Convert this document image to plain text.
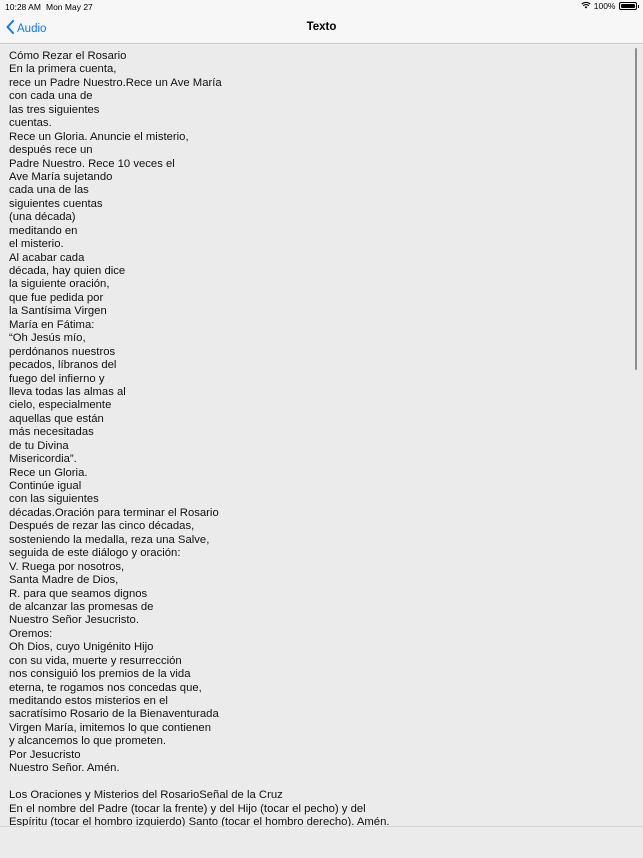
10:28 AM Mon May 27	100%
Audio	Texto
Cómo Rezar el Rosario
En la primera cuenta,
rece un Padre Nuestro.Rece un Ave María
con cada una de
las tres siguientes
cuentas.
Rece un Gloria. Anuncie el misterio,
después rece un
Padre Nuestro. Rece 10 veces el
Ave María sujetando
cada una de las
siguientes cuentas
(una década)
meditando en
el misterio.
Al acabar cada
década, hay quien dice
la siguiente oración,
que fue pedida por
la Santísima Virgen
María en Fátima:
“Oh Jesús mío,
perdónanos nuestros
pecados, líbranos del
fuego del infierno y
lleva todas las almas al
cielo, especialmente
aquellas que están
más necesitadas
de tu Divina
Misericordia”.
Rece un Gloria.
Continúe igual
con las siguientes
décadas.Oración para terminar el Rosario
Después de rezar las cinco décadas,
sosteniendo la medalla, reza una Salve,
seguida de este diálogo y oración:
V. Ruega por nosotros,
Santa Madre de Dios,
R. para que seamos dignos
de alcanzar las promesas de
Nuestro Señor Jesucristo.
Oremos:
Oh Dios, cuyo Unigénito Hijo
con su vida, muerte y resurrección
nos consiguió los premios de la vida
eterna, te rogamos nos concedas que,
meditando estos misterios en el
sacratísimo Rosario de la Bienaventurada
Virgen María, imitemos lo que contienen
y alcancemos lo que prometen.
Por Jesucristo
Nuestro Señor. Amén.
Los Oraciones y Misterios del RosarioSeñal de la Cruz
En el nombre del Padre (tocar la frente) y del Hijo (tocar el pecho) y del
Espíritu (tocar el hombro izquierdo) Santo (tocar el hombro derecho). Amén.
